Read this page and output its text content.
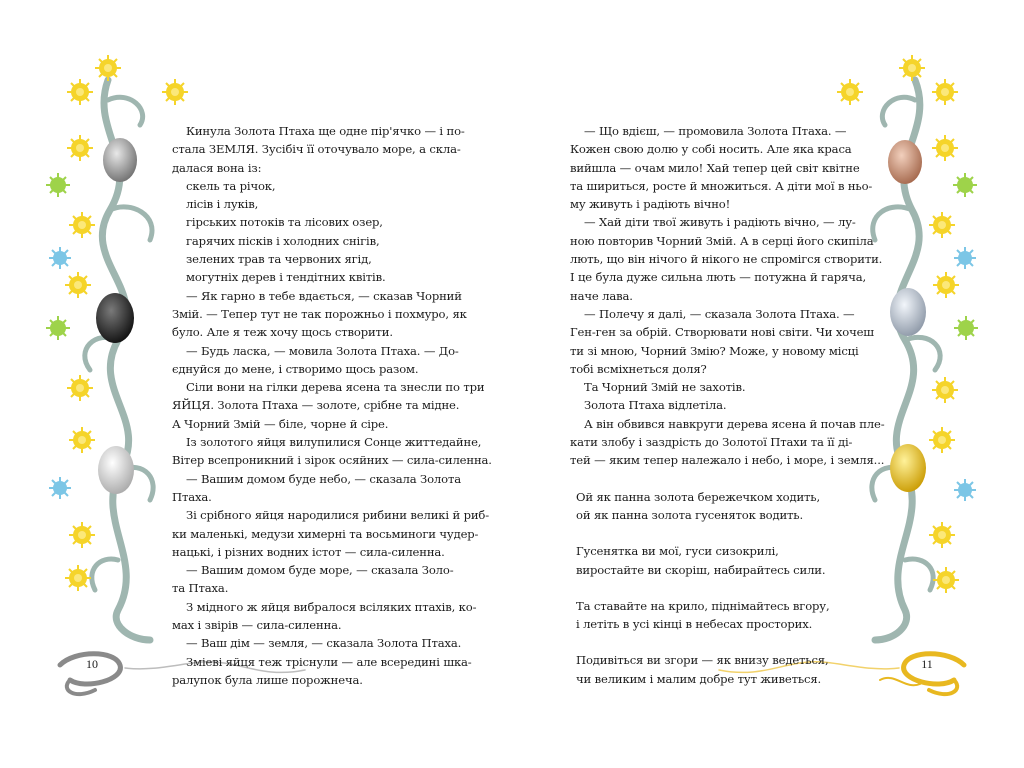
Кинула Золота Птаха ще одне пір'ячко — і по-

стала ЗЕМЛЯ. Зусібіч її оточувало море, а скла-

далася вона із:

скель та річок,

лісів і луків,

гірських потоків та лісових озер,

гарячих пісків і холодних снігів,

зелених трав та червоних ягід,

могутніх дерев і тендітних квітів.

— Як гарно в тебе вдається, — сказав Чорний

Змій. — Тепер тут не так порожньо і похмуро, як

було. Але я теж хочу щось створити.

— Будь ласка, — мовила Золота Птаха. — До-

єднуйся до мене, і створимо щось разом.

Сіли вони на гілки дерева ясена та знесли по три

ЯЙЦЯ. Золота Птаха — золоте, срібне та мідне.

А Чорний Змій — біле, чорне й сіре.

Із золотого яйця вилупилися Сонце життедайне,

Вітер всепроникний і зірок осяйних — сила-силенна.

— Вашим домом буде небо, — сказала Золота

Птаха.

Зі срібного яйця народилися рибини великі й риб-

ки маленькі, медузи химерні та восьминоги чудер-

нацькі, і різних водних істот — сила-силенна.

— Вашим домом буде море, — сказала Золо-

та Птаха.

З мідного ж яйця вибралося всіляких птахів, ко-

мах і звірів — сила-силенна.

— Ваш дім — земля, — сказала Золота Птаха.

Зміеві яйця теж тріснули — але всередині шка-

ралупок була лише порожнеча.

10

— Що вдієш, — промовила Золота Птаха. —

Кожен свою долю у собі носить. Але яка краса

вийшла — очам мило! Хай тепер цей світ квітне

та шириться, росте й множиться. А діти мої в ньо-

му живуть і радіють вічно!

— Хай діти твої живуть і радіють вічно, — лу-

ною повторив Чорний Змій. А в серці його скипіла

лють, що він нічого й нікого не спромігся створити.

І це була дуже сильна лють — потужна й гаряча,

наче лава.

— Полечу я далі, — сказала Золота Птаха. —

Ген-ген за обрій. Створювати нові світи. Чи хочеш

ти зі мною, Чорний Змію? Може, у новому місці

тобі всміхнеться доля?

Та Чорний Змій не захотів.

Золота Птаха відлетіла.

А він обвився навкруги дерева ясена й почав пле-

кати злобу і заздрість до Золотої Птахи та її ді-

тей — яким тепер належало і небо, і море, і земля...

Ой як панна золота бережечком ходить,

ой як панна золота гусеняток водить.

Гусенятка ви мої, гуси сизокрилі,

виростайте ви скоріш, набирайтесь сили.

Та ставайте на крило, піднімайтесь вгору,

і летіть в усі кінці в небесах просторих.

Подивіться ви згори — як внизу ведеться,

чи великим і малим добре тут живеться.

11
